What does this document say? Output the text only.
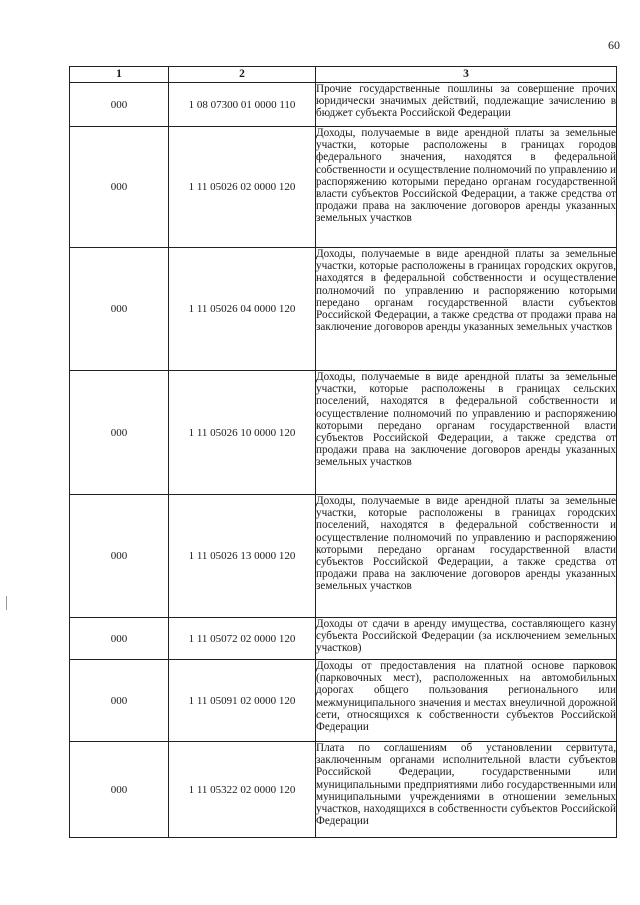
60
1	2	3
000	1 08 07300 01 0000 110	Прочие государственные пошлины за совершение прочих юридически значимых действий, подлежащие зачислению в бюджет субъекта Российской Федерации
000	1 11 05026 02 0000 120	Доходы, получаемые в виде арендной платы за земельные участки, которые расположены в границах городов федерального значения, находятся в федеральной собственности и осуществление полномочий по управлению и распоряжению которыми передано органам государственной власти субъектов Российской Федерации, а также средства от продажи права на заключение договоров аренды указанных земельных участков
000	1 11 05026 04 0000 120	Доходы, получаемые в виде арендной платы за земельные участки, которые расположены в границах городских округов, находятся в федеральной собственности и осуществление полномочий по управлению и распоряжению которыми передано органам государственной власти субъектов Российской Федерации, а также средства от продажи права на заключение договоров аренды указанных земельных участков
000	1 11 05026 10 0000 120	Доходы, получаемые в виде арендной платы за земельные участки, которые расположены в границах сельских поселений, находятся в федеральной собственности и осуществление полномочий по управлению и распоряжению которыми передано органам государственной власти субъектов Российской Федерации, а также средства от продажи права на заключение договоров аренды указанных земельных участков
000	1 11 05026 13 0000 120	Доходы, получаемые в виде арендной платы за земельные участки, которые расположены в границах городских поселений, находятся в федеральной собственности и осуществление полномочий по управлению и распоряжению которыми передано органам государственной власти субъектов Российской Федерации, а также средства от продажи права на заключение договоров аренды указанных земельных участков
000	1 11 05072 02 0000 120	Доходы от сдачи в аренду имущества, составляющего казну субъекта Российской Федерации (за исключением земельных участков)
000	1 11 05091 02 0000 120	Доходы от предоставления на платной основе парковок (парковочных мест), расположенных на автомобильных дорогах общего пользования регионального или межмуниципального значения и местах внеуличной дорожной сети, относящихся к собственности субъектов Российской Федерации
000	1 11 05322 02 0000 120	Плата по соглашениям об установлении сервитута, заключенным органами исполнительной власти субъектов Российской Федерации, государственными или муниципальными предприятиями либо государственными или муниципальными учреждениями в отношении земельных участков, находящихся в собственности субъектов Российской Федерации
